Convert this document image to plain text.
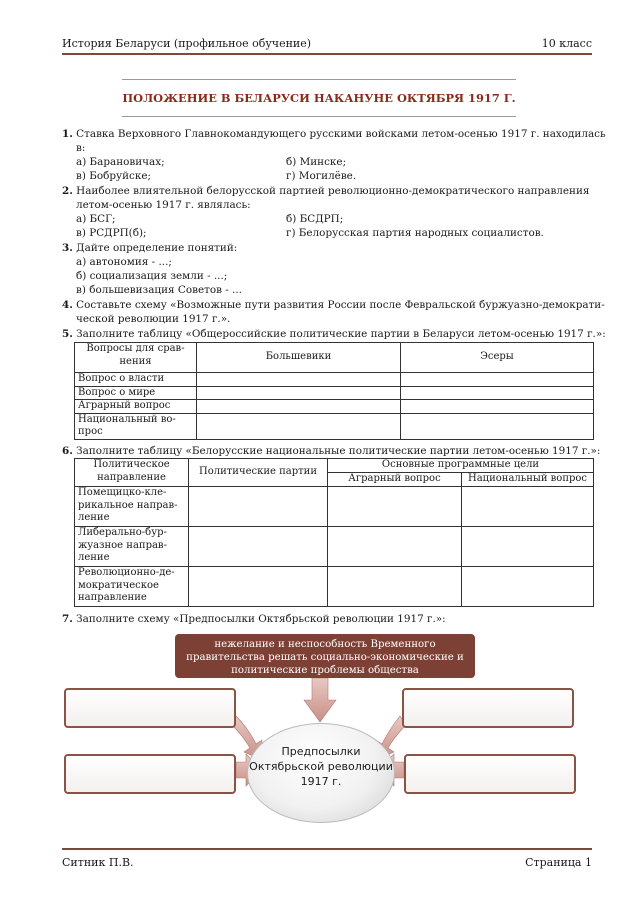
История Беларуси (профильное обучение)	10 класс
ПОЛОЖЕНИЕ В БЕЛАРУСИ НАКАНУНЕ ОКТЯБРЯ 1917 Г.
1. Ставка Верховного Главнокомандующего русскими войсками летом-осенью 1917 г. находилась
в:
а) Барановичах;	б) Минске;
в) Бобруйске;	г) Могилёве.
2. Наиболее влиятельной белорусской партией революционно-демократического направления
летом-осенью 1917 г. являлась:
а) БСГ;	б) БСДРП;
в) РСДРП(б);	г) Белорусская партия народных социалистов.
3. Дайте определение понятий:
а) автономия - ...;
б) социализация земли - ...;
в) большевизация Советов - ...
4. Составьте схему «Возможные пути развития России после Февральской буржуазно-демократи-
ческой революции 1917 г.».
5. Заполните таблицу «Общероссийские политические партии в Беларуси летом-осенью 1917 г.»:
Вопросы для срав-нения	Большевики	Эсеры
Вопрос о власти		
Вопрос о мире		
Аграрный вопрос		
Национальный во-прос		
6. Заполните таблицу «Белорусские национальные политические партии летом-осенью 1917 г.»:
Политическое направление	Политические партии	Основные программные цели	
		Аграрный вопрос	Национальный вопрос
Помещицко-кле-рикальное направ-ление			
Либерально-бур-жуазное направ-ление			
Революционно-де-мократическое направление			
7. Заполните схему «Предпосылки Октябрьской революции 1917 г.»:
нежелание и неспособность Временного правительства решать социально-экономические и политические проблемы общества
Предпосылки Октябрьской революции 1917 г.
Ситник П.В.	Страница 1
